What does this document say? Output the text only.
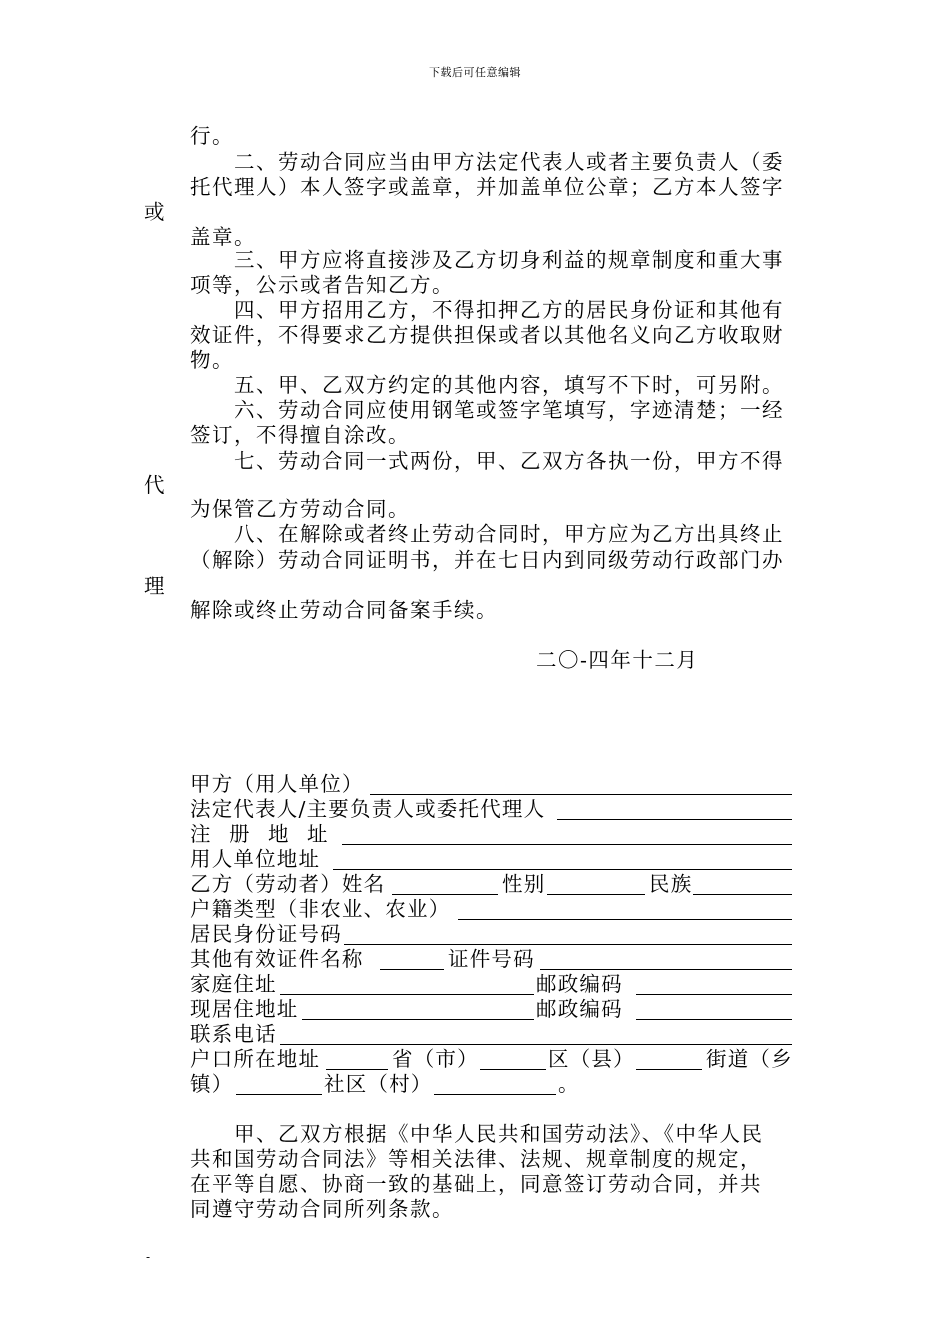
下载后可任意编辑
行。
二、劳动合同应当由甲方法定代表人或者主要负责人（委
托代理人）本人签字或盖章，并加盖单位公章；乙方本人签字
或
盖章。
三、甲方应将直接涉及乙方切身利益的规章制度和重大事
项等，公示或者告知乙方。
四、甲方招用乙方，不得扣押乙方的居民身份证和其他有
效证件，不得要求乙方提供担保或者以其他名义向乙方收取财
物。
五、甲、乙双方约定的其他内容，填写不下时，可另附。
六、劳动合同应使用钢笔或签字笔填写，字迹清楚；一经
签订，不得擅自涂改。
七、劳动合同一式两份，甲、乙双方各执一份，甲方不得
代
为保管乙方劳动合同。
八、在解除或者终止劳动合同时，甲方应为乙方出具终止
（解除）劳动合同证明书，并在七日内到同级劳动行政部门办
理
解除或终止劳动合同备案手续。
二〇-四年十二月
甲方（用人单位）
法定代表人/主要负责人或委托代理人
注 册 地 址
用人单位地址
乙方（劳动者）姓名	性别	民族
户籍类型（非农业、农业）
居民身份证号码
其他有效证件名称	证件号码
家庭住址	邮政编码
现居住地址	邮政编码
联系电话
户口所在地址	省（市）	区（县）	街道（乡
镇）	社区（村）	。
甲、乙双方根据《中华人民共和国劳动法》、《中华人民
共和国劳动合同法》等相关法律、法规、规章制度的规定，
在平等自愿、协商一致的基础上，同意签订劳动合同，并共
同遵守劳动合同所列条款。
-
